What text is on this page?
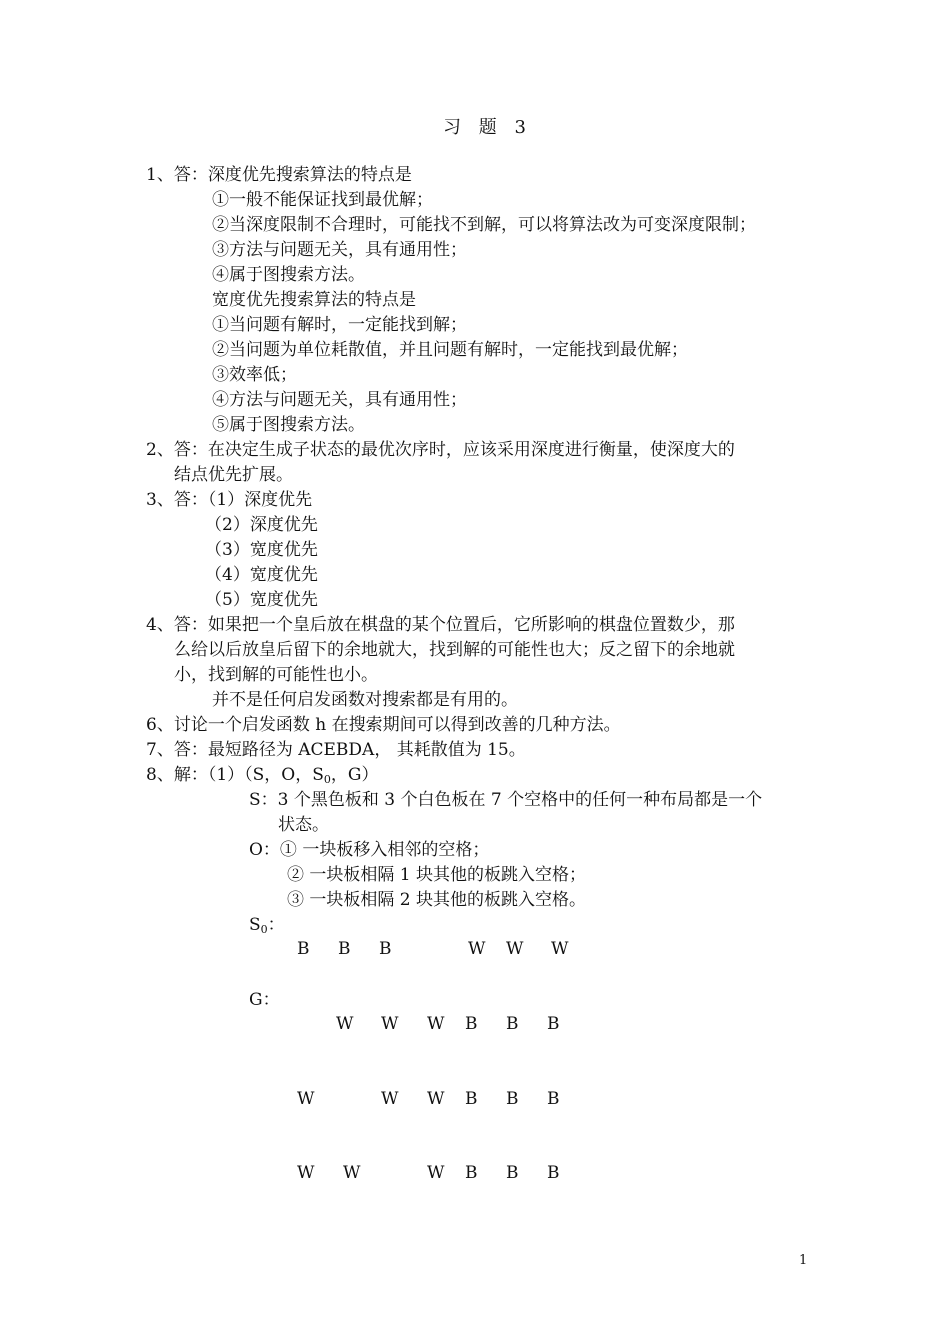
习 题 3
1、答：深度优先搜索算法的特点是
①一般不能保证找到最优解；
②当深度限制不合理时，可能找不到解，可以将算法改为可变深度限制；
③方法与问题无关，具有通用性；
④属于图搜索方法。
宽度优先搜索算法的特点是
①当问题有解时，一定能找到解；
②当问题为单位耗散值，并且问题有解时，一定能找到最优解；
③效率低；
④方法与问题无关，具有通用性；
⑤属于图搜索方法。
2、答：在决定生成子状态的最优次序时，应该采用深度进行衡量，使深度大的
结点优先扩展。
3、答：（1）深度优先
（2）深度优先
（3）宽度优先
（4）宽度优先
（5）宽度优先
4、答：如果把一个皇后放在棋盘的某个位置后，它所影响的棋盘位置数少，那
么给以后放皇后留下的余地就大，找到解的可能性也大；反之留下的余地就
小，找到解的可能性也小。
并不是任何启发函数对搜索都是有用的。
6、讨论一个启发函数 h 在搜索期间可以得到改善的几种方法。
7、答：最短路径为 ACEBDA， 其耗散值为 15。
8、解：（1）（S，O，$S_0$，G）
S：3 个黑色板和 3 个白色板在 7 个空格中的任何一种布局都是一个
状态。
O：① 一块板移入相邻的空格；
② 一块板相隔 1 块其他的板跳入空格；
③ 一块板相隔 2 块其他的板跳入空格。
$S_0$：
B B B	W W W
G：
W W W B B B
W	W W B B B
W W	W B B B
1
